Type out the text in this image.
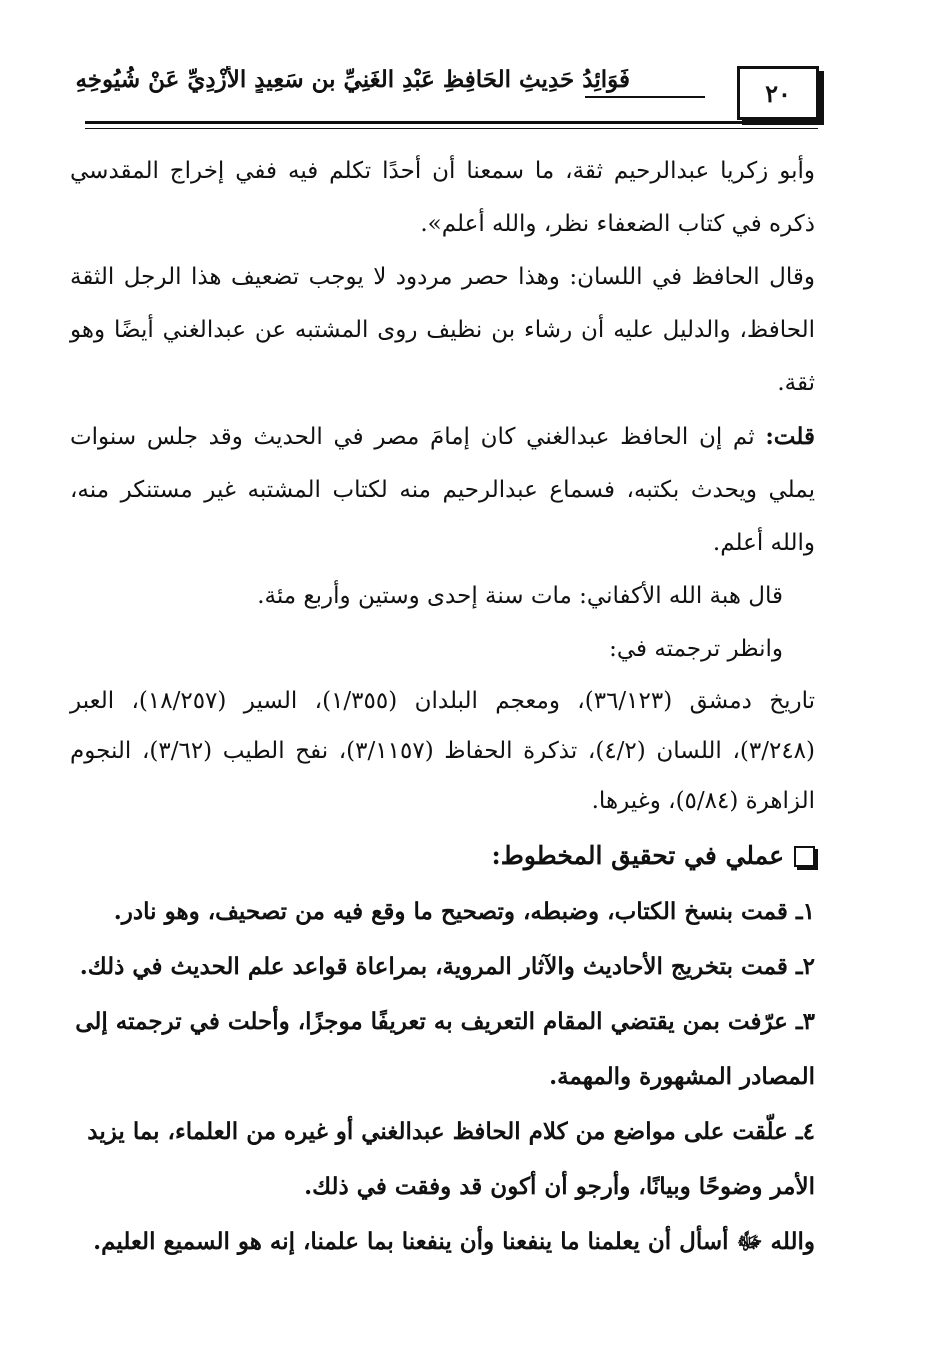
فَوَائِدُ حَدِيثِ الحَافِظِ عَبْدِ الغَنِيِّ بنِ سَعِيدٍ الأَزْدِيِّ عَنْ شُيُوخِهِ	٢٠

وأبو زكريا عبدالرحيم ثقة، ما سمعنا أن أحدًا تكلم فيه ففي إخراج المقدسي ذكره في كتاب الضعفاء نظر، والله أعلم».

وقال الحافظ في اللسان: وهذا حصر مردود لا يوجب تضعيف هذا الرجل الثقة الحافظ، والدليل عليه أن رشاء بن نظيف روى المشتبه عن عبدالغني أيضًا وهو ثقة.

قلت: ثم إن الحافظ عبدالغني كان إمامَ مصر في الحديث وقد جلس سنوات يملي ويحدث بكتبه، فسماع عبدالرحيم منه لكتاب المشتبه غير مستنكر منه، والله أعلم.

قال هبة الله الأكفاني: مات سنة إحدى وستين وأربع مئة.

وانظر ترجمته في:

تاريخ دمشق (٣٦/١٢٣)، ومعجم البلدان (١/٣٥٥)، السير (١٨/٢٥٧)، العبر (٣/٢٤٨)، اللسان (٤/٢)، تذكرة الحفاظ (٣/١١٥٧)، نفح الطيب (٣/٦٢)، النجوم الزاهرة (٥/٨٤)، وغيرها.

عملي في تحقيق المخطوط:

١ـ قمت بنسخ الكتاب، وضبطه، وتصحيح ما وقع فيه من تصحيف، وهو نادر.

٢ـ قمت بتخريج الأحاديث والآثار المروية، بمراعاة قواعد علم الحديث في ذلك.

٣ـ عرّفت بمن يقتضي المقام التعريف به تعريفًا موجزًا، وأحلت في ترجمته إلى المصادر المشهورة والمهمة.

٤ـ علّقت على مواضع من كلام الحافظ عبدالغني أو غيره من العلماء، بما يزيد الأمر وضوحًا وبيانًا، وأرجو أن أكون قد وفقت في ذلك.

والله ﷻ أسأل أن يعلمنا ما ينفعنا وأن ينفعنا بما علمنا، إنه هو السميع العليم.
